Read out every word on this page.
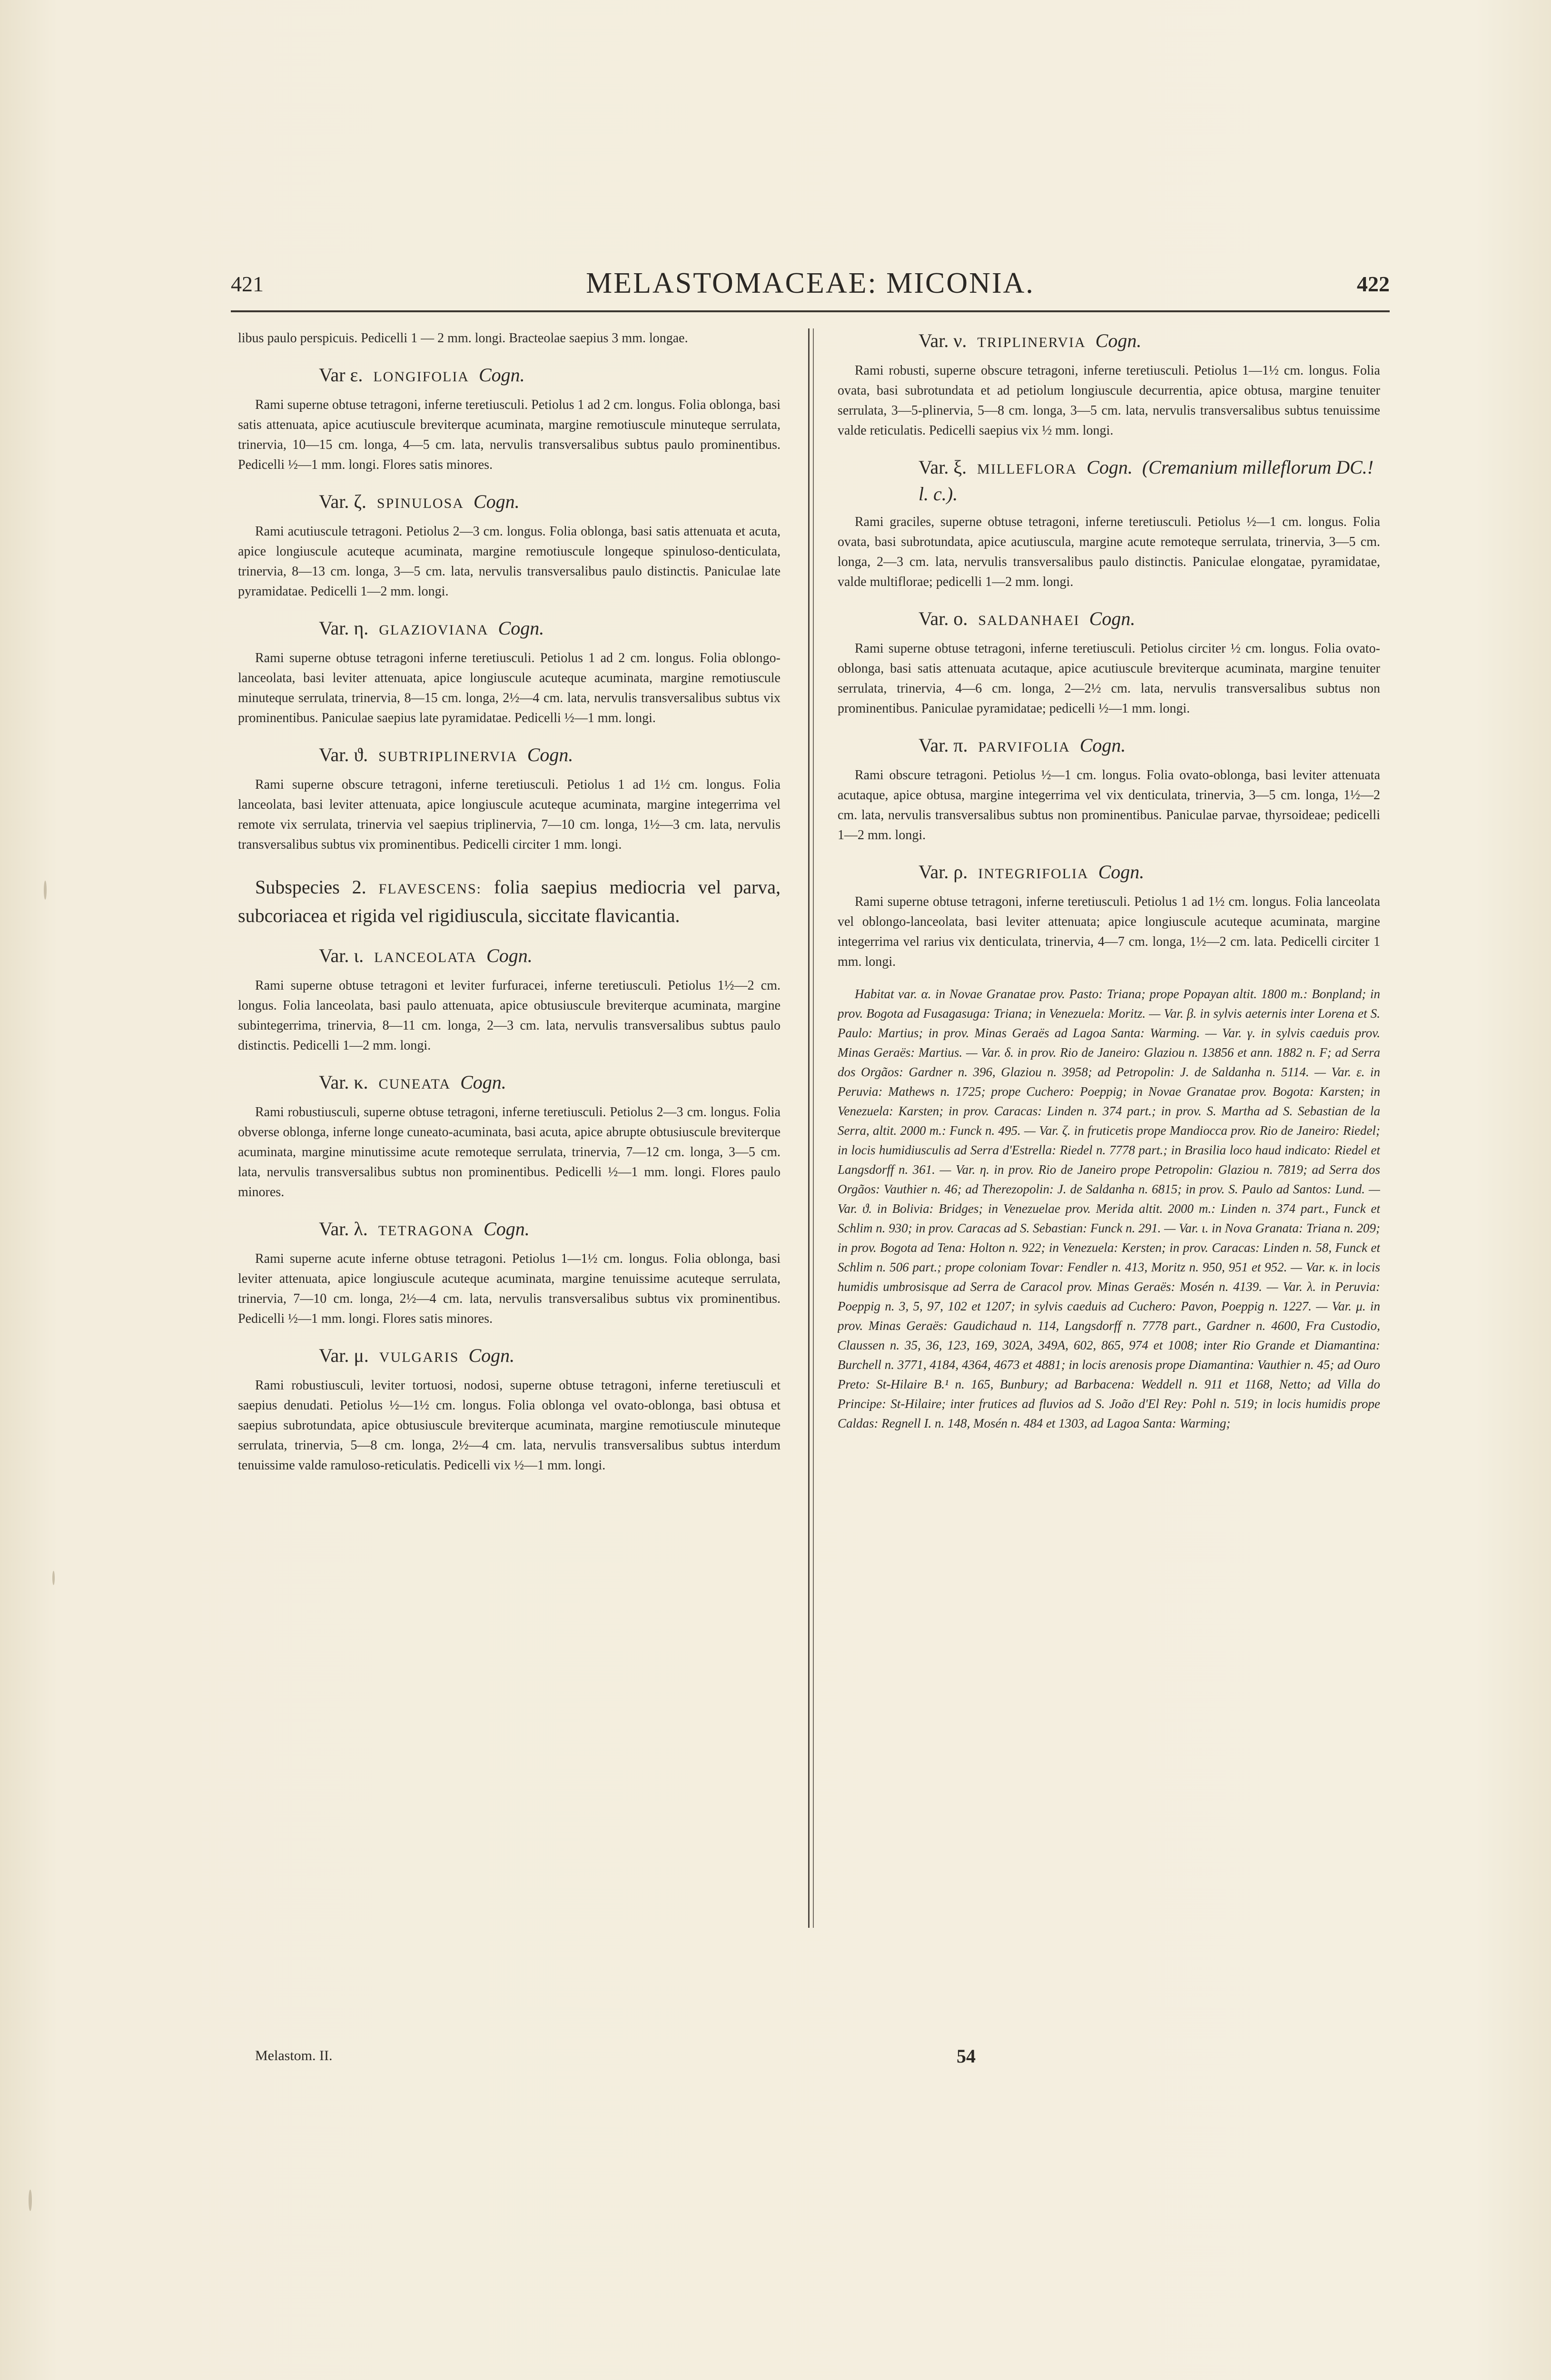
421	MELASTOMACEAE: MICONIA.	422

libus paulo perspicuis. Pedicelli 1 — 2 mm. longi. Bracteolae saepius 3 mm. longae.

Var ε. LONGIFOLIA Cogn.

Rami superne obtuse tetragoni, inferne teretiusculi. Petiolus 1 ad 2 cm. longus. Folia oblonga, basi satis attenuata, apice acutiuscule breviterque acuminata, margine remotiuscule minuteque serrulata, trinervia, 10—15 cm. longa, 4—5 cm. lata, nervulis transversalibus subtus paulo prominentibus. Pedicelli ½—1 mm. longi. Flores satis minores.

Var. ζ. SPINULOSA Cogn.

Rami acutiuscule tetragoni. Petiolus 2—3 cm. longus. Folia oblonga, basi satis attenuata et acuta, apice longiuscule acuteque acuminata, margine remotiuscule longeque spinuloso-denticulata, trinervia, 8—13 cm. longa, 3—5 cm. lata, nervulis transversalibus paulo distinctis. Paniculae late pyramidatae. Pedicelli 1—2 mm. longi.

Var. η. GLAZIOVIANA Cogn.

Rami superne obtuse tetragoni inferne teretiusculi. Petiolus 1 ad 2 cm. longus. Folia oblongo-lanceolata, basi leviter attenuata, apice longiuscule acuteque acuminata, margine remotiuscule minuteque serrulata, trinervia, 8—15 cm. longa, 2½—4 cm. lata, nervulis transversalibus subtus vix prominentibus. Paniculae saepius late pyramidatae. Pedicelli ½—1 mm. longi.

Var. ϑ. SUBTRIPLINERVIA Cogn.

Rami superne obscure tetragoni, inferne teretiusculi. Petiolus 1 ad 1½ cm. longus. Folia lanceolata, basi leviter attenuata, apice longiuscule acuteque acuminata, margine integerrima vel remote vix serrulata, trinervia vel saepius triplinervia, 7—10 cm. longa, 1½—3 cm. lata, nervulis transversalibus subtus vix prominentibus. Pedicelli circiter 1 mm. longi.

Subspecies 2. FLAVESCENS: folia saepius mediocria vel parva, subcoriacea et rigida vel rigidiuscula, siccitate flavicantia.

Var. ι. LANCEOLATA Cogn.

Rami superne obtuse tetragoni et leviter furfuracei, inferne teretiusculi. Petiolus 1½—2 cm. longus. Folia lanceolata, basi paulo attenuata, apice obtusiuscule breviterque acuminata, margine subintegerrima, trinervia, 8—11 cm. longa, 2—3 cm. lata, nervulis transversalibus subtus paulo distinctis. Pedicelli 1—2 mm. longi.

Var. κ. CUNEATA Cogn.

Rami robustiusculi, superne obtuse tetragoni, inferne teretiusculi. Petiolus 2—3 cm. longus. Folia obverse oblonga, inferne longe cuneato-acuminata, basi acuta, apice abrupte obtusiuscule breviterque acuminata, margine minutissime acute remoteque serrulata, trinervia, 7—12 cm. longa, 3—5 cm. lata, nervulis transversalibus subtus non prominentibus. Pedicelli ½—1 mm. longi. Flores paulo minores.

Var. λ. TETRAGONA Cogn.

Rami superne acute inferne obtuse tetragoni. Petiolus 1—1½ cm. longus. Folia oblonga, basi leviter attenuata, apice longiuscule acuteque acuminata, margine tenuissime acuteque serrulata, trinervia, 7—10 cm. longa, 2½—4 cm. lata, nervulis transversalibus subtus vix prominentibus. Pedicelli ½—1 mm. longi. Flores satis minores.

Var. μ. VULGARIS Cogn.

Rami robustiusculi, leviter tortuosi, nodosi, superne obtuse tetragoni, inferne teretiusculi et saepius denudati. Petiolus ½—1½ cm. longus. Folia oblonga vel ovato-oblonga, basi obtusa et saepius subrotundata, apice obtusiuscule breviterque acuminata, margine remotiuscule minuteque serrulata, trinervia, 5—8 cm. longa, 2½—4 cm. lata, nervulis transversalibus subtus interdum tenuissime valde ramuloso-reticulatis. Pedicelli vix ½—1 mm. longi.

Var. ν. TRIPLINERVIA Cogn.

Rami robusti, superne obscure tetragoni, inferne teretiusculi. Petiolus 1—1½ cm. longus. Folia ovata, basi subrotundata et ad petiolum longiuscule decurrentia, apice obtusa, margine tenuiter serrulata, 3—5-plinervia, 5—8 cm. longa, 3—5 cm. lata, nervulis transversalibus subtus tenuissime valde reticulatis. Pedicelli saepius vix ½ mm. longi.

Var. ξ. MILLEFLORA Cogn. (Cremanium milleflorum DC.! l. c.).

Rami graciles, superne obtuse tetragoni, inferne teretiusculi. Petiolus ½—1 cm. longus. Folia ovata, basi subrotundata, apice acutiuscula, margine acute remoteque serrulata, trinervia, 3—5 cm. longa, 2—3 cm. lata, nervulis transversalibus paulo distinctis. Paniculae elongatae, pyramidatae, valde multiflorae; pedicelli 1—2 mm. longi.

Var. ο. SALDANHAEI Cogn.

Rami superne obtuse tetragoni, inferne teretiusculi. Petiolus circiter ½ cm. longus. Folia ovato-oblonga, basi satis attenuata acutaque, apice acutiuscule breviterque acuminata, margine tenuiter serrulata, trinervia, 4—6 cm. longa, 2—2½ cm. lata, nervulis transversalibus subtus non prominentibus. Paniculae pyramidatae; pedicelli ½—1 mm. longi.

Var. π. PARVIFOLIA Cogn.

Rami obscure tetragoni. Petiolus ½—1 cm. longus. Folia ovato-oblonga, basi leviter attenuata acutaque, apice obtusa, margine integerrima vel vix denticulata, trinervia, 3—5 cm. longa, 1½—2 cm. lata, nervulis transversalibus subtus non prominentibus. Paniculae parvae, thyrsoideae; pedicelli 1—2 mm. longi.

Var. ρ. INTEGRIFOLIA Cogn.

Rami superne obtuse tetragoni, inferne teretiusculi. Petiolus 1 ad 1½ cm. longus. Folia lanceolata vel oblongo-lanceolata, basi leviter attenuata; apice longiuscule acuteque acuminata, margine integerrima vel rarius vix denticulata, trinervia, 4—7 cm. longa, 1½—2 cm. lata. Pedicelli circiter 1 mm. longi.

Habitat var. α. in Novae Granatae prov. Pasto: Triana; prope Popayan altit. 1800 m.: Bonpland; in prov. Bogota ad Fusagasuga: Triana; in Venezuela: Moritz. — Var. β. in sylvis aeternis inter Lorena et S. Paulo: Martius; in prov. Minas Geraës ad Lagoa Santa: Warming. — Var. γ. in sylvis caeduis prov. Minas Geraës: Martius. — Var. δ. in prov. Rio de Janeiro: Glaziou n. 13856 et ann. 1882 n. F; ad Serra dos Orgãos: Gardner n. 396, Glaziou n. 3958; ad Petropolin: J. de Saldanha n. 5114. — Var. ε. in Peruvia: Mathews n. 1725; prope Cuchero: Poeppig; in Novae Granatae prov. Bogota: Karsten; in Venezuela: Karsten; in prov. Caracas: Linden n. 374 part.; in prov. S. Martha ad S. Sebastian de la Serra, altit. 2000 m.: Funck n. 495. — Var. ζ. in fruticetis prope Mandiocca prov. Rio de Janeiro: Riedel; in locis humidiusculis ad Serra d'Estrella: Riedel n. 7778 part.; in Brasilia loco haud indicato: Riedel et Langsdorff n. 361. — Var. η. in prov. Rio de Janeiro prope Petropolin: Glaziou n. 7819; ad Serra dos Orgãos: Vauthier n. 46; ad Therezopolin: J. de Saldanha n. 6815; in prov. S. Paulo ad Santos: Lund. — Var. ϑ. in Bolivia: Bridges; in Venezuelae prov. Merida altit. 2000 m.: Linden n. 374 part., Funck et Schlim n. 930; in prov. Caracas ad S. Sebastian: Funck n. 291. — Var. ι. in Nova Granata: Triana n. 209; in prov. Bogota ad Tena: Holton n. 922; in Venezuela: Kersten; in prov. Caracas: Linden n. 58, Funck et Schlim n. 506 part.; prope coloniam Tovar: Fendler n. 413, Moritz n. 950, 951 et 952. — Var. κ. in locis humidis umbrosisque ad Serra de Caracol prov. Minas Geraës: Mosén n. 4139. — Var. λ. in Peruvia: Poeppig n. 3, 5, 97, 102 et 1207; in sylvis caeduis ad Cuchero: Pavon, Poeppig n. 1227. — Var. μ. in prov. Minas Geraës: Gaudichaud n. 114, Langsdorff n. 7778 part., Gardner n. 4600, Fra Custodio, Claussen n. 35, 36, 123, 169, 302A, 349A, 602, 865, 974 et 1008; inter Rio Grande et Diamantina: Burchell n. 3771, 4184, 4364, 4673 et 4881; in locis arenosis prope Diamantina: Vauthier n. 45; ad Ouro Preto: St-Hilaire B.¹ n. 165, Bunbury; ad Barbacena: Weddell n. 911 et 1168, Netto; ad Villa do Principe: St-Hilaire; inter frutices ad fluvios ad S. João d'El Rey: Pohl n. 519; in locis humidis prope Caldas: Regnell I. n. 148, Mosén n. 484 et 1303, ad Lagoa Santa: Warming;

Melastom. II.	54
